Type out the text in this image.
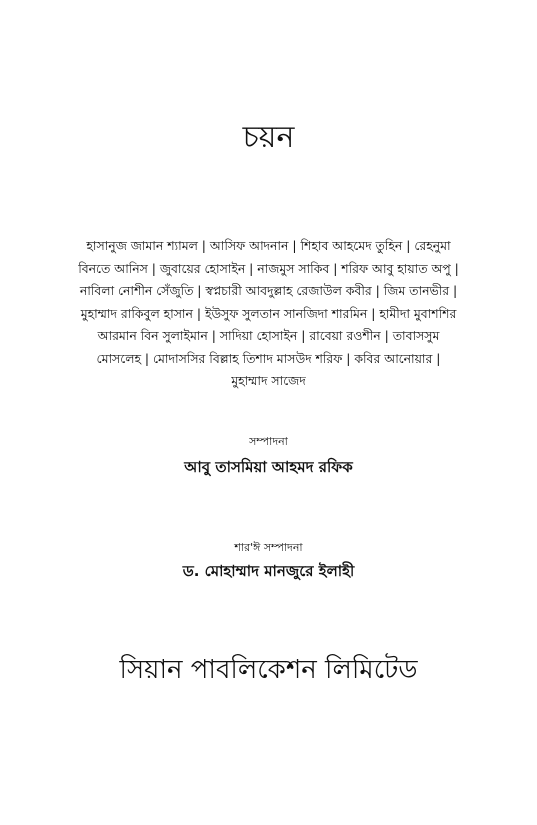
চয়ন
হাসানুজ জামান শ্যামল | আসিফ আদনান | শিহাব আহমেদ তুহিন | রেহনুমা
বিনতে আনিস | জুবায়ের হোসাইন | নাজমুস সাকিব | শরিফ আবু হায়াত অপু |
নাবিলা নোশীন সেঁজুতি | স্বপ্নচারী আবদুল্লাহ রেজাউল কবীর | জিম তানভীর |
মুহাম্মাদ রাকিবুল হাসান | ইউসুফ সুলতান সানজিদা শারমিন | হামীদা মুবাশশির
আরমান বিন সুলাইমান | সাদিয়া হোসাইন | রাবেয়া রওশীন | তাবাসসুম
মোসলেহ | মোদাসসির বিল্লাহ তিশাদ মাসউদ শরিফ | কবির আনোয়ার |
মুহাম্মাদ সাজেদ
সম্পাদনা
আবু তাসমিয়া আহমদ রফিক
শার'ঈ সম্পাদনা
ড. মোহাম্মাদ মানজুরে ইলাহী
সিয়ান পাবলিকেশন লিমিটেড
